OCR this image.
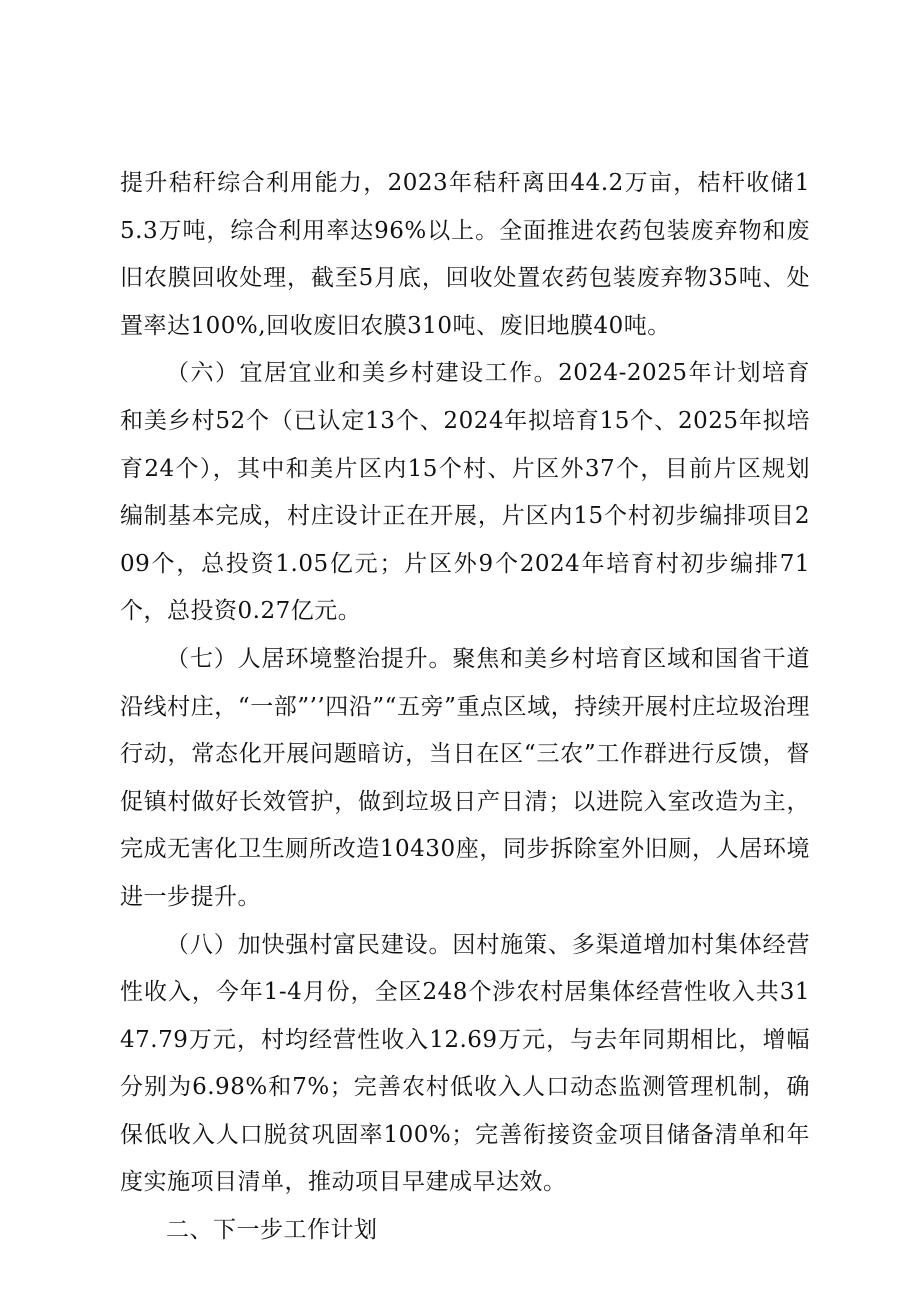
提升秸秆综合利用能力，2023年秸秆离田44.2万亩，桔杆收储15.3万吨，综合利用率达96%以上。全面推进农药包装废弃物和废旧农膜回收处理，截至5月底，回收处置农药包装废弃物35吨、处置率达100%,回收废旧农膜310吨、废旧地膜40吨。

（六）宜居宜业和美乡村建设工作。2024-2025年计划培育和美乡村52个（已认定13个、2024年拟培育15个、2025年拟培育24个），其中和美片区内15个村、片区外37个，目前片区规划编制基本完成，村庄设计正在开展，片区内15个村初步编排项目209个，总投资1.05亿元；片区外9个2024年培育村初步编排71个，总投资0.27亿元。

（七）人居环境整治提升。聚焦和美乡村培育区域和国省干道沿线村庄，“一部”’’四沿”“五旁”重点区域，持续开展村庄垃圾治理行动，常态化开展问题暗访，当日在区“三农”工作群进行反馈，督促镇村做好长效管护，做到垃圾日产日清；以进院入室改造为主，完成无害化卫生厕所改造10430座，同步拆除室外旧厕，人居环境进一步提升。

（八）加快强村富民建设。因村施策、多渠道增加村集体经营性收入，今年1-4月份，全区248个涉农村居集体经营性收入共3147.79万元，村均经营性收入12.69万元，与去年同期相比，增幅分别为6.98%和7%；完善农村低收入人口动态监测管理机制，确保低收入人口脱贫巩固率100%；完善衔接资金项目储备清单和年度实施项目清单，推动项目早建成早达效。

二、下一步工作计划
